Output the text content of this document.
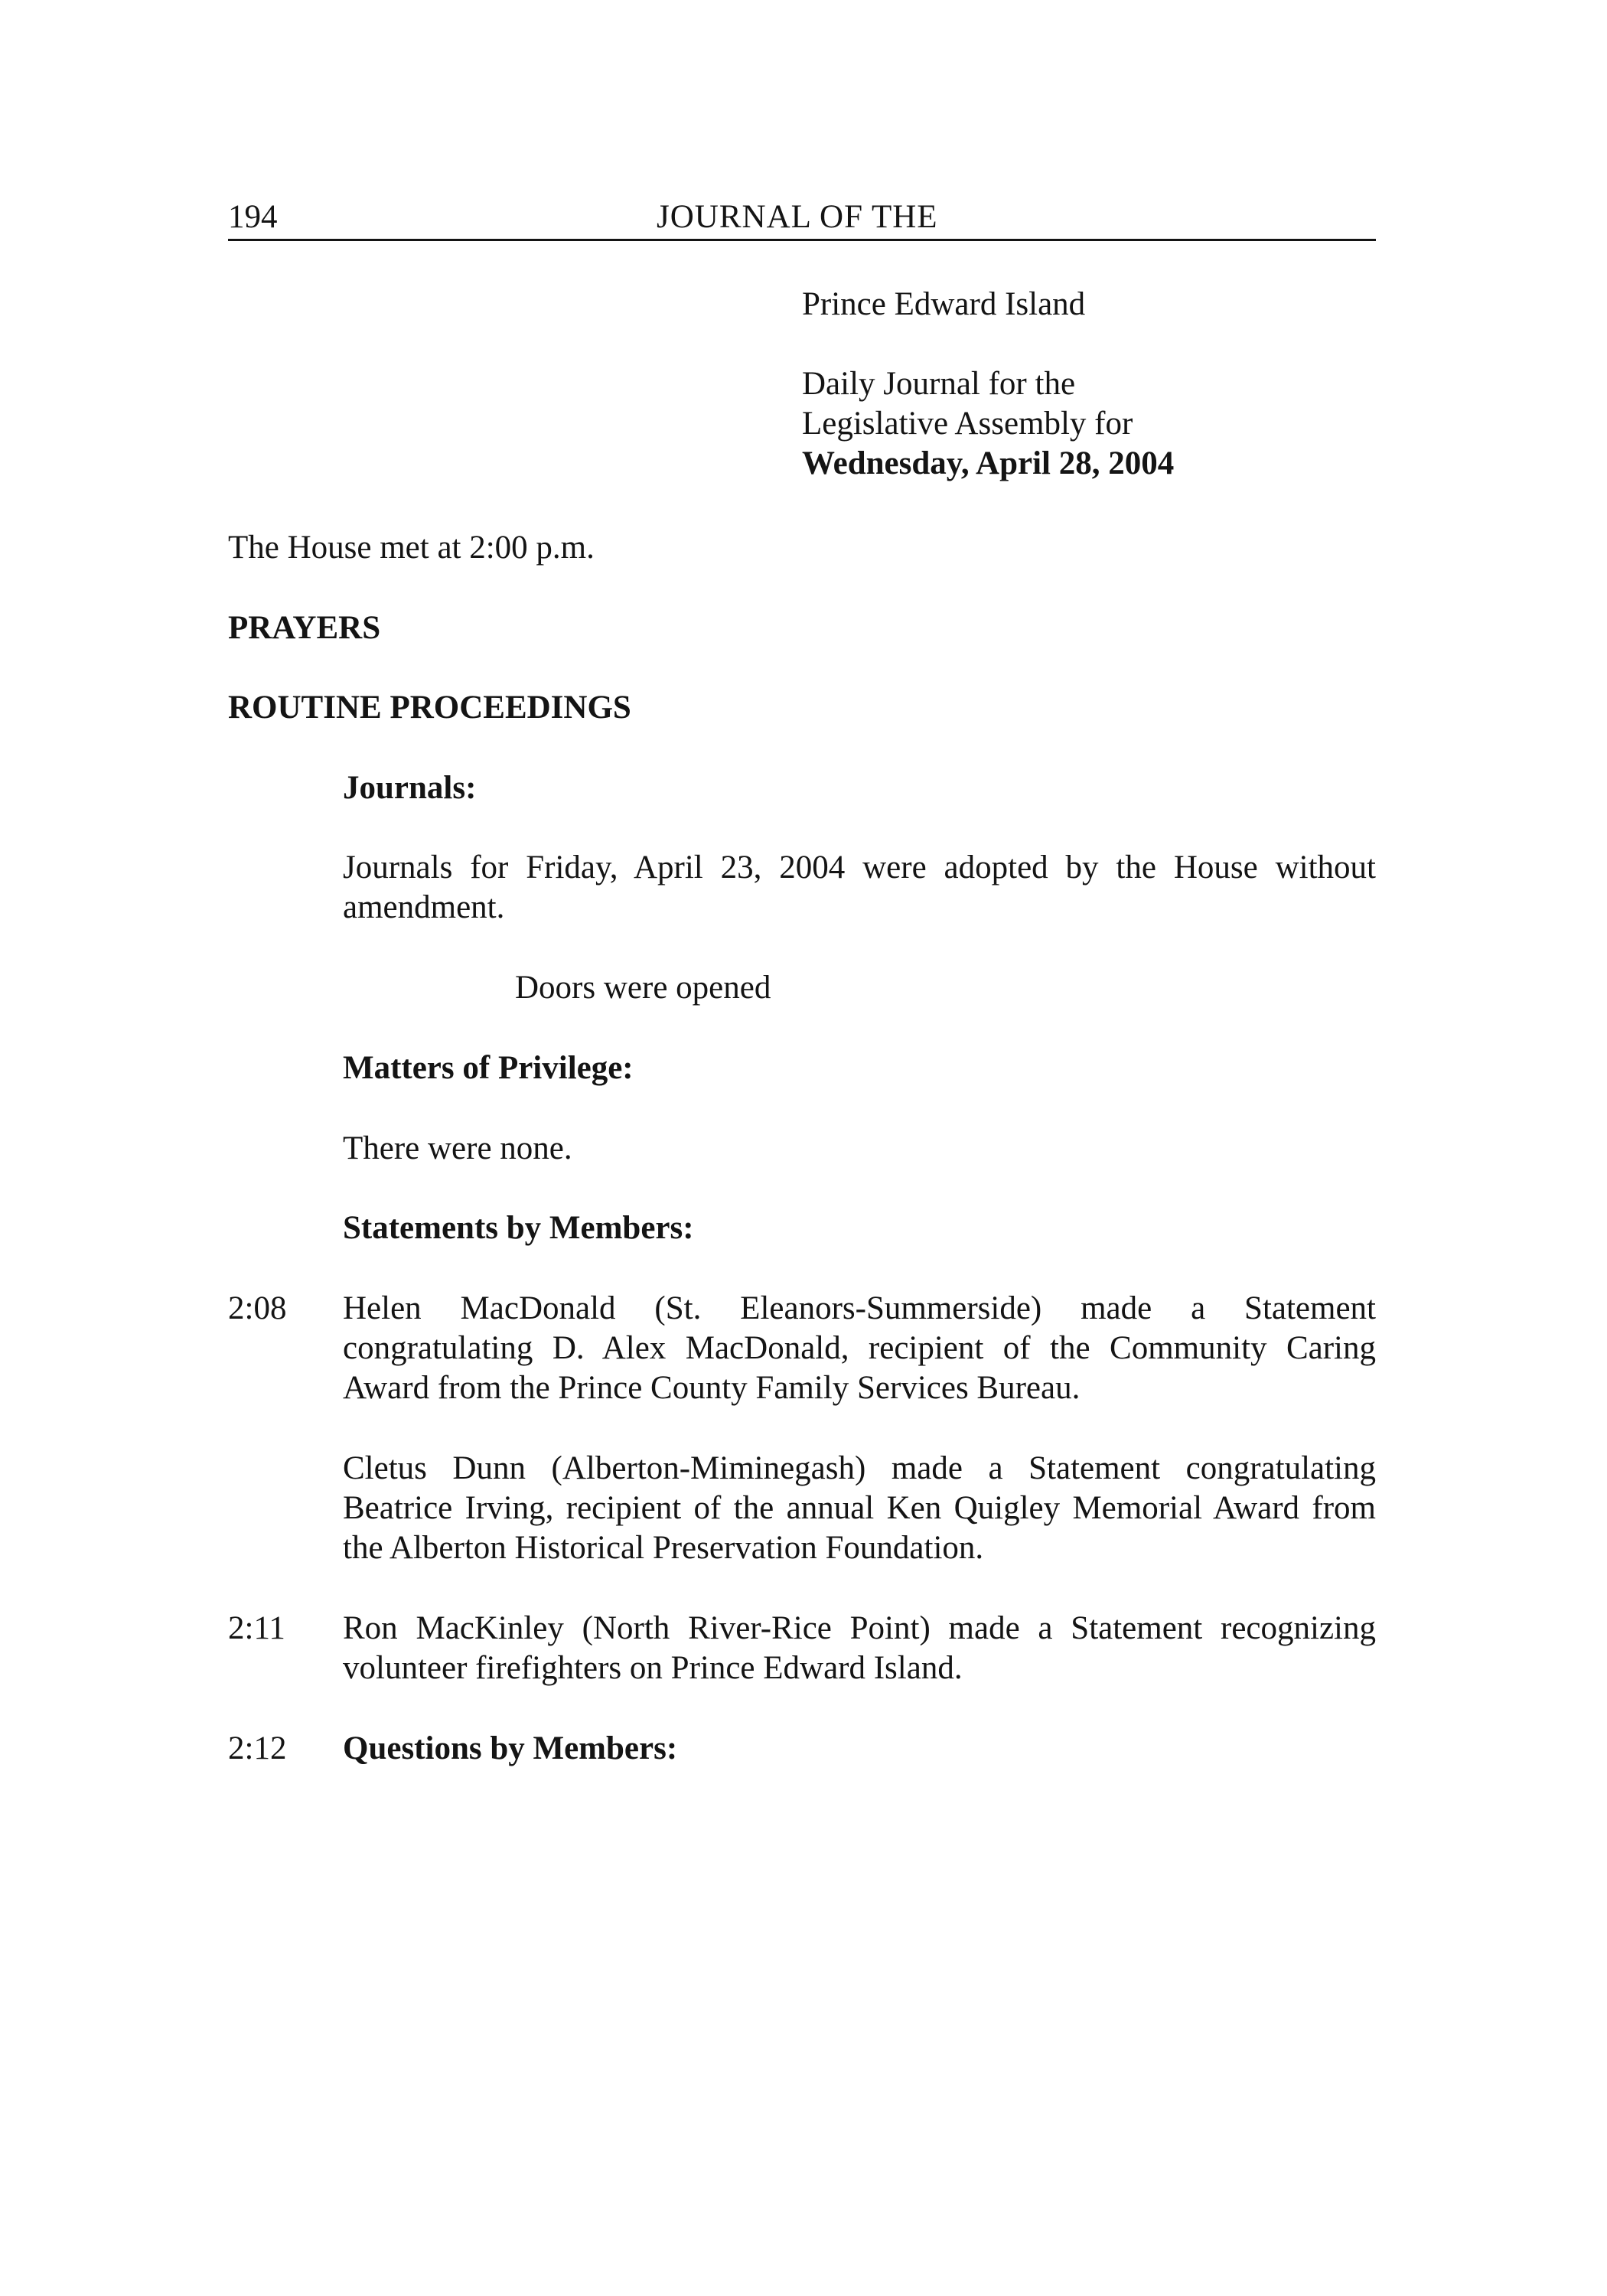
194	JOURNAL OF THE
Prince Edward Island
Daily Journal for the
Legislative Assembly for
Wednesday, April 28, 2004
The House met at 2:00 p.m.
PRAYERS
ROUTINE PROCEEDINGS
Journals:
Journals for Friday, April 23, 2004 were adopted by the House without amendment.
Doors were opened
Matters of Privilege:
There were none.
Statements by Members:
2:08 Helen MacDonald (St. Eleanors-Summerside) made a Statement congratulating D. Alex MacDonald, recipient of the Community Caring Award from the Prince County Family Services Bureau.
Cletus Dunn (Alberton-Miminegash) made a Statement congratulating Beatrice Irving, recipient of the annual Ken Quigley Memorial Award from the Alberton Historical Preservation Foundation.
2:11 Ron MacKinley (North River-Rice Point) made a Statement recognizing volunteer firefighters on Prince Edward Island.
2:12 Questions by Members:
